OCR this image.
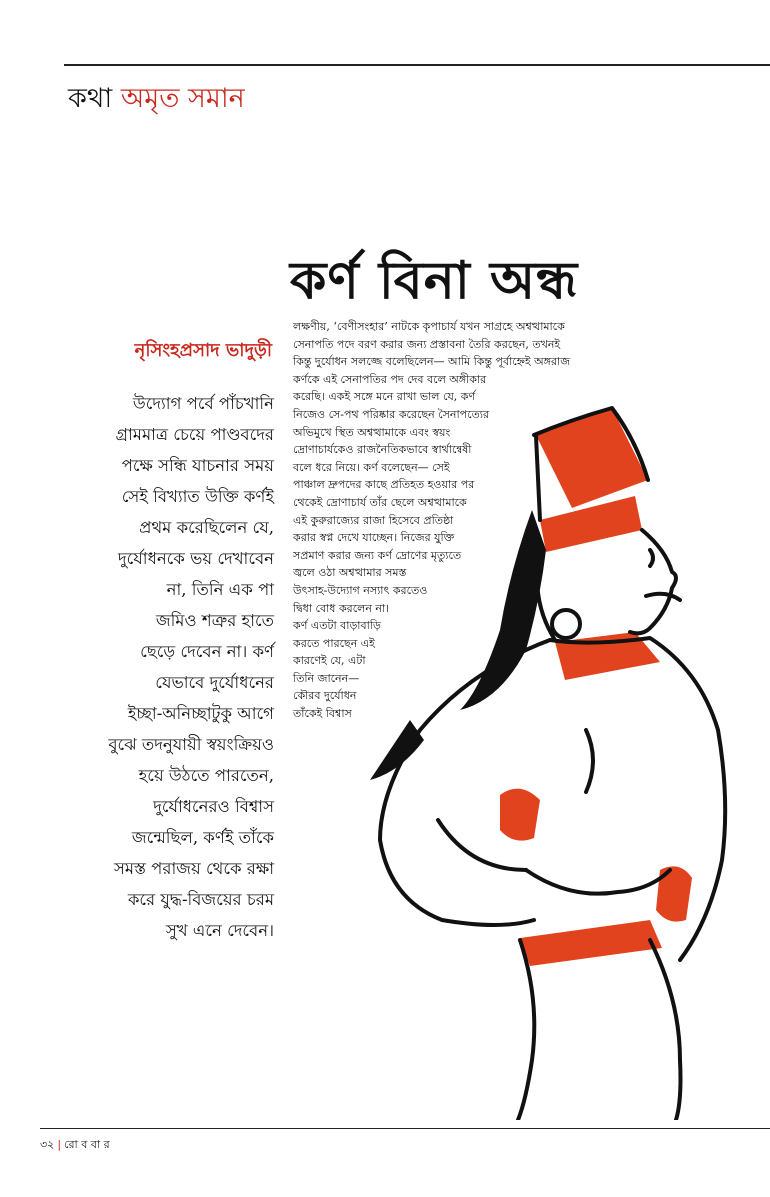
কথা অমৃত সমান
কর্ণ বিনা অন্ধ
নৃসিংহপ্রসাদ ভাদুড়ী
উদ্যোগ পর্বে পাঁচখানি
গ্রামমাত্র চেয়ে পাণ্ডবদের
পক্ষে সন্ধি যাচনার সময়
সেই বিখ্যাত উক্তি কর্ণই
প্রথম করেছিলেন যে,
দুর্যোধনকে ভয় দেখাবেন
না, তিনি এক পা
জমিও শত্রুর হাতে
ছেড়ে দেবেন না। কর্ণ
যেভাবে দুর্যোধনের
ইচ্ছা-অনিচ্ছাটুকু আগে
বুঝে তদনুযায়ী স্বয়ংক্রিয়ও
হয়ে উঠতে পারতেন,
দুর্যোধনেরও বিশ্বাস
জন্মেছিল, কর্ণই তাঁকে
সমস্ত পরাজয় থেকে রক্ষা
করে যুদ্ধ-বিজয়ের চরম
সুখ এনে দেবেন।
লক্ষণীয়, ‘বেণীসংহার’ নাটকে কৃপাচার্য যখন সাগ্রহে অশ্বত্থামাকে
সেনাপতি পদে বরণ করার জন্য প্রস্তাবনা তৈরি করছেন, তখনই
কিন্তু দুর্যোধন সলজ্জে বলেছিলেন— আমি কিন্তু পূর্বাহ্নেই অঙ্গরাজ
কর্ণকে এই সেনাপতির পদ দেব বলে অঙ্গীকার
করেছি। একই সঙ্গে মনে রাখা ভাল যে, কর্ণ
নিজেও সে-পথ পরিষ্কার করেছেন সৈনাপত্যের
অভিমুখে স্থিত অশ্বত্থামাকে এবং স্বয়ং
দ্রোণাচার্যকেও রাজনৈতিকভাবে স্বার্থান্বেষী
বলে ধরে নিয়ে। কর্ণ বলেছেন— সেই
পাঞ্চাল দ্রুপদের কাছে প্রতিহত হওয়ার পর
থেকেই দ্রোণাচার্য তাঁর ছেলে অশ্বত্থামাকে
এই কুরুরাজ্যের রাজা হিসেবে প্রতিষ্ঠা
করার স্বপ্ন দেখে যাচ্ছেন। নিজের যুক্তি
সপ্রমাণ করার জন্য কর্ণ দ্রোণের মৃত্যুতে
জ্বলে ওঠা অশ্বত্থামার সমস্ত
উৎসাহ-উদ্যোগ নস্যাৎ করতেও
দ্বিধা বোধ করলেন না।
কর্ণ এতটা বাড়াবাড়ি
করতে পারছেন এই
কারণেই যে, এটা
তিনি জানেন—
কৌরব দুর্যোধন
তাঁকেই বিশ্বাস
৩২ | রো ব বা র
